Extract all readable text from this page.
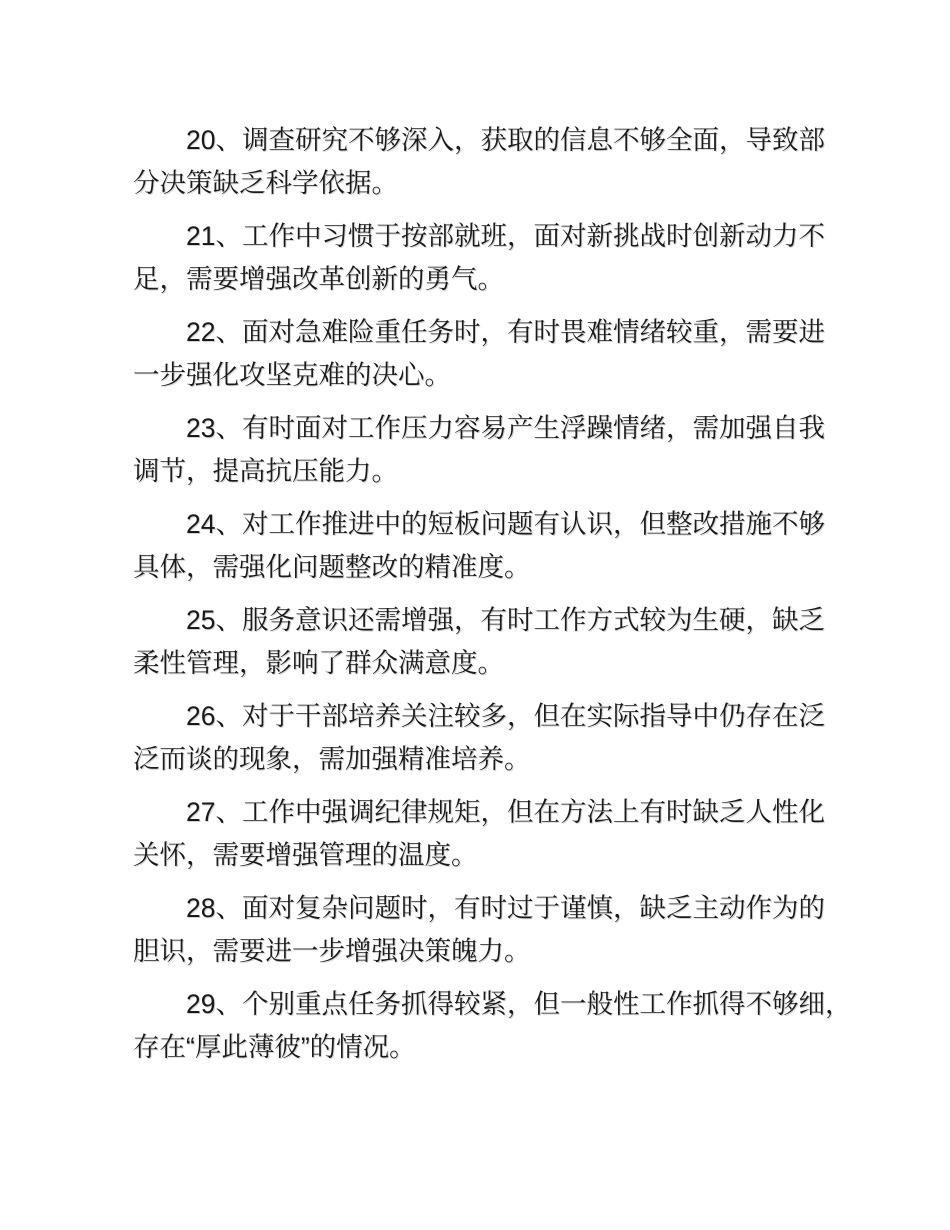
20、调查研究不够深入，获取的信息不够全面，导致部
分决策缺乏科学依据。

21、工作中习惯于按部就班，面对新挑战时创新动力不
足，需要增强改革创新的勇气。

22、面对急难险重任务时，有时畏难情绪较重，需要进
一步强化攻坚克难的决心。

23、有时面对工作压力容易产生浮躁情绪，需加强自我
调节，提高抗压能力。

24、对工作推进中的短板问题有认识，但整改措施不够
具体，需强化问题整改的精准度。

25、服务意识还需增强，有时工作方式较为生硬，缺乏
柔性管理，影响了群众满意度。

26、对于干部培养关注较多，但在实际指导中仍存在泛
泛而谈的现象，需加强精准培养。

27、工作中强调纪律规矩，但在方法上有时缺乏人性化
关怀，需要增强管理的温度。

28、面对复杂问题时，有时过于谨慎，缺乏主动作为的
胆识，需要进一步增强决策魄力。

29、个别重点任务抓得较紧，但一般性工作抓得不够细，
存在“厚此薄彼”的情况。
